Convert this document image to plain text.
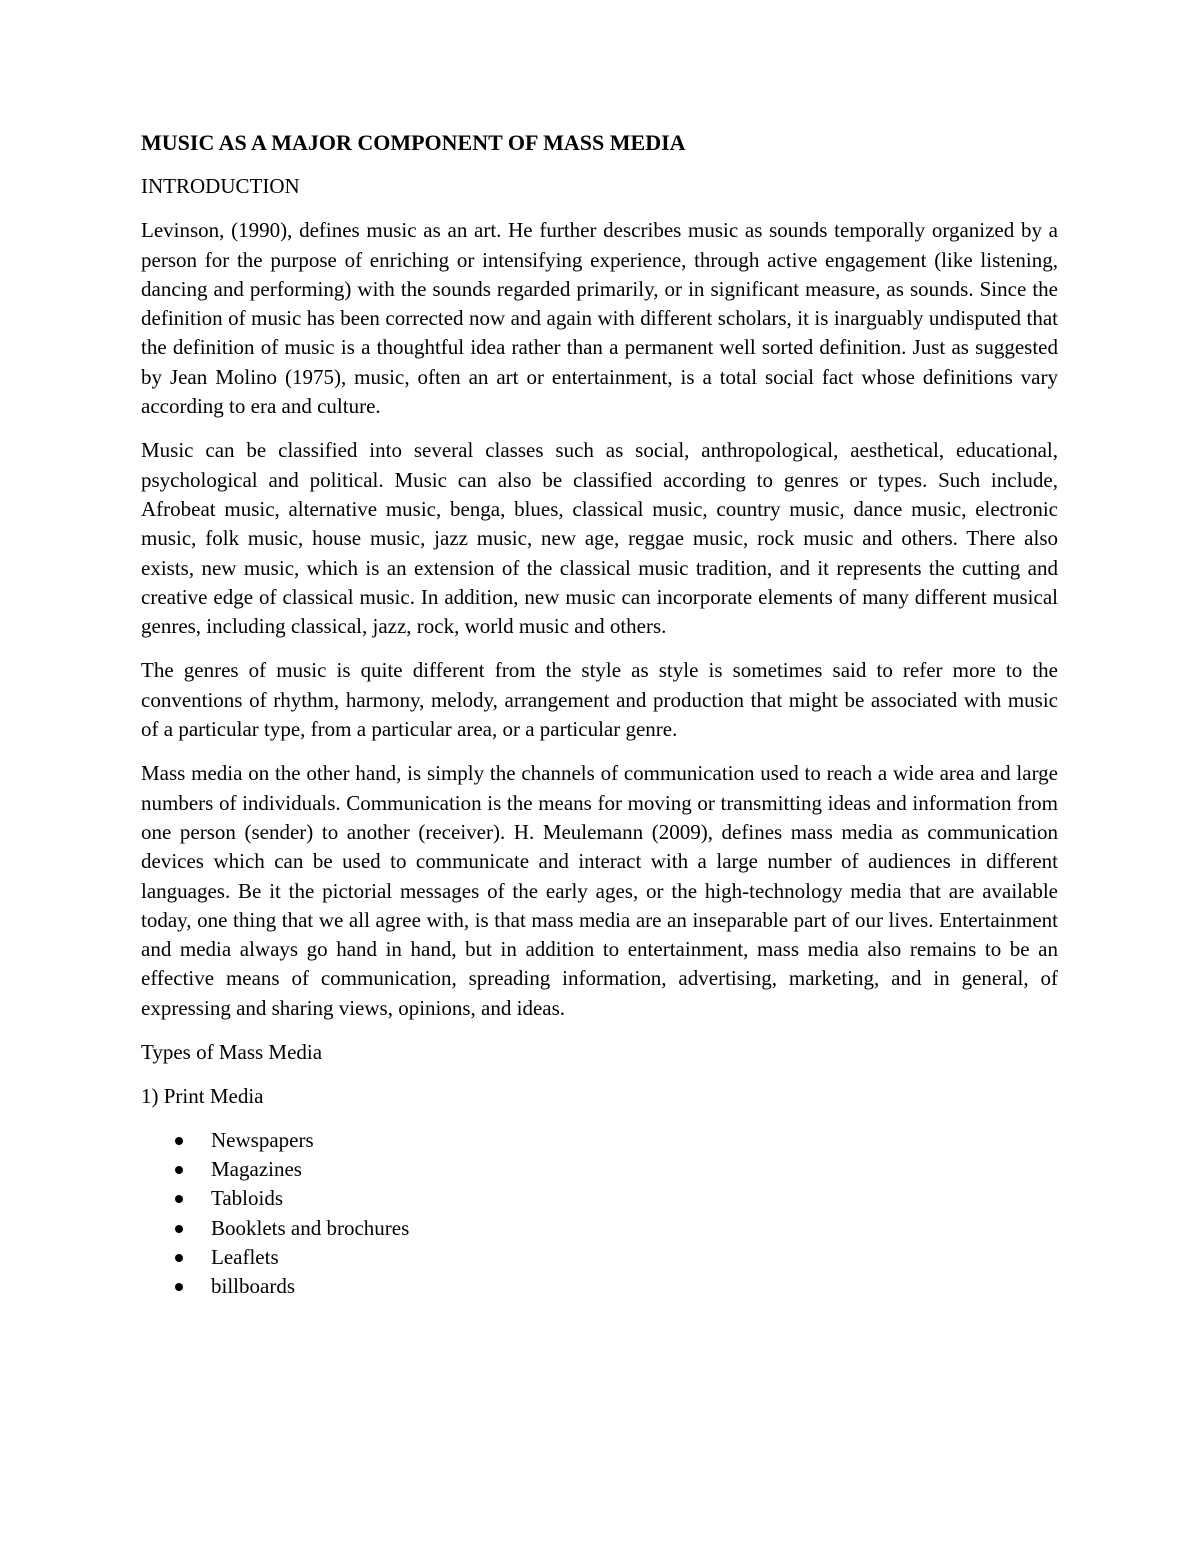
MUSIC AS A MAJOR COMPONENT OF MASS MEDIA
INTRODUCTION

Levinson, (1990), defines music as an art. He further describes music as sounds temporally organized by a person for the purpose of enriching or intensifying experience, through active engagement (like listening, dancing and performing) with the sounds regarded primarily, or in significant measure, as sounds. Since the definition of music has been corrected now and again with different scholars, it is inarguably undisputed that the definition of music is a thoughtful idea rather than a permanent well sorted definition. Just as suggested by Jean Molino (1975), music, often an art or entertainment, is a total social fact whose definitions vary according to era and culture.

Music can be classified into several classes such as social, anthropological, aesthetical, educational, psychological and political. Music can also be classified according to genres or types. Such include, Afrobeat music, alternative music, benga, blues, classical music, country music, dance music, electronic music, folk music, house music, jazz music, new age, reggae music, rock music and others. There also exists, new music, which is an extension of the classical music tradition, and it represents the cutting and creative edge of classical music. In addition, new music can incorporate elements of many different musical genres, including classical, jazz, rock, world music and others.

The genres of music is quite different from the style as style is sometimes said to refer more to the conventions of rhythm, harmony, melody, arrangement and production that might be associated with music of a particular type, from a particular area, or a particular genre.

Mass media on the other hand, is simply the channels of communication used to reach a wide area and large numbers of individuals. Communication is the means for moving or transmitting ideas and information from one person (sender) to another (receiver). H. Meulemann (2009), defines mass media as communication devices which can be used to communicate and interact with a large number of audiences in different languages. Be it the pictorial messages of the early ages, or the high-technology media that are available today, one thing that we all agree with, is that mass media are an inseparable part of our lives. Entertainment and media always go hand in hand, but in addition to entertainment, mass media also remains to be an effective means of communication, spreading information, advertising, marketing, and in general, of expressing and sharing views, opinions, and ideas.

Types of Mass Media
1) Print Media
Newspapers
Magazines
Tabloids
Booklets and brochures
Leaflets
billboards
